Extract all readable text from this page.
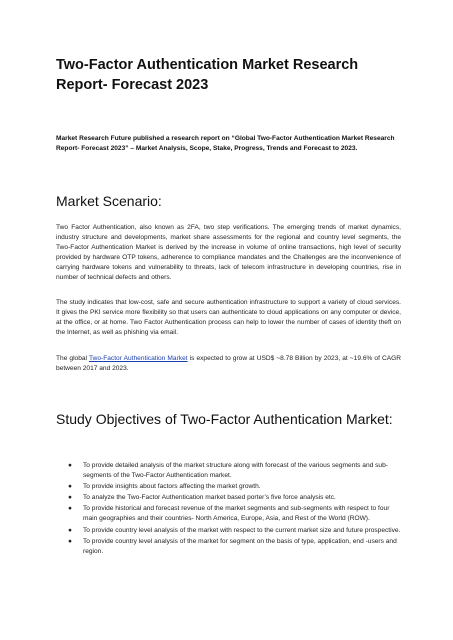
Two-Factor Authentication Market Research Report- Forecast 2023
Market Research Future published a research report on “Global Two-Factor Authentication Market Research Report- Forecast 2023” – Market Analysis, Scope, Stake, Progress, Trends and Forecast to 2023.
Market Scenario:

Two Factor Authentication, also known as 2FA, two step verifications. The emerging trends of market dynamics, industry structure and developments, market share assessments for the regional and country level segments, the Two-Factor Authentication Market is derived by the increase in volume of online transactions, high level of security provided by hardware OTP tokens, adherence to compliance mandates and the Challenges are the inconvenience of carrying hardware tokens and vulnerability to threats, lack of telecom infrastructure in developing countries, rise in number of technical defects and others.

The study indicates that low-cost, safe and secure authentication infrastructure to support a variety of cloud services. It gives the PKI service more flexibility so that users can authenticate to cloud applications on any computer or device, at the office, or at home. Two Factor Authentication process can help to lower the number of cases of identity theft on the Internet, as well as phishing via email.

The global Two-Factor Authentication Market is expected to grow at USD$ ~8.78 Billion by 2023, at ~19.6% of CAGR between 2017 and 2023.

Study Objectives of Two-Factor Authentication Market:
● To provide detailed analysis of the market structure along with forecast of the various segments and sub-segments of the Two-Factor Authentication market.
● To provide insights about factors affecting the market growth.
● To analyze the Two-Factor Authentication market based porter’s five force analysis etc.
● To provide historical and forecast revenue of the market segments and sub-segments with respect to four main geographies and their countries- North America, Europe, Asia, and Rest of the World (ROW).
● To provide country level analysis of the market with respect to the current market size and future prospective.
● To provide country level analysis of the market for segment on the basis of type, application, end -users and region.
